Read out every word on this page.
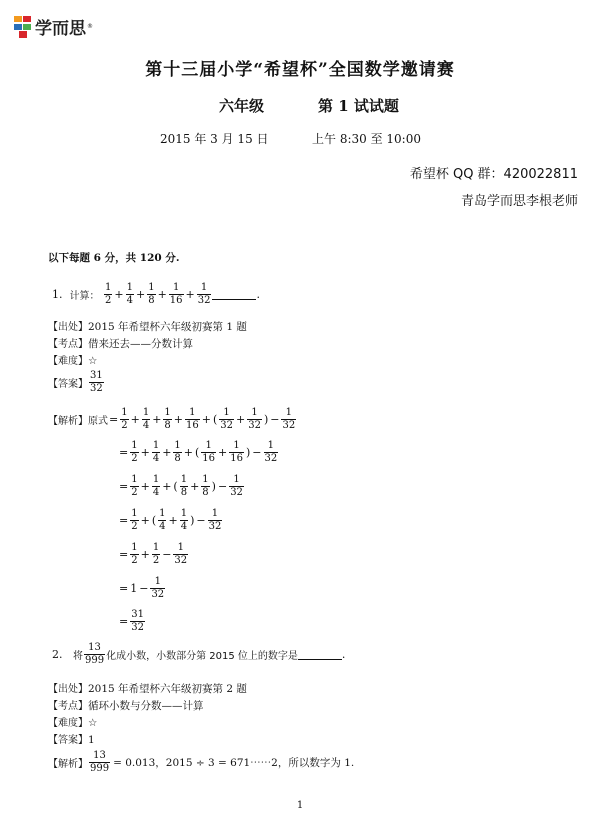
学而思 ®
第十三届小学“希望杯”全国数学邀请赛
六年级	第 1 试试题
2015 年 3 月 15 日	上午 8:30 至 10:00
希望杯 QQ 群：420022811
青岛学而思李根老师
以下每题 6 分，共 120 分.
1.
计算：
$\frac{1}{2} + \frac{1}{4} + \frac{1}{8} + \frac{1}{16} + \frac{1}{32}$	.
【出处】2015 年希望杯六年级初赛第 1 题
【考点】借来还去——分数计算
【难度】☆
【答案】 $\frac{31}{32}$
【解析】 原式 = $\frac{1}{2} + \frac{1}{4} + \frac{1}{8} + \frac{1}{16}$ + ( $\frac{1}{32} + \frac{1}{32}$ ) − $\frac{1}{32}$
= $\frac{1}{2} + \frac{1}{4} + \frac{1}{8}$ + ( $\frac{1}{16} + \frac{1}{16}$ ) − $\frac{1}{32}$
= $\frac{1}{2} + \frac{1}{4}$ + ( $\frac{1}{8} + \frac{1}{8}$ ) − $\frac{1}{32}$
= $\frac{1}{2}$ + ( $\frac{1}{4} + \frac{1}{4}$ ) − $\frac{1}{32}$
= $\frac{1}{2} + \frac{1}{2} - \frac{1}{32}$
= $1 - \frac{1}{32}$
= $\frac{31}{32}$
2.
将 $\frac{13}{999}$ 化成小数，小数部分第 2015 位上的数字是	.
【出处】2015 年希望杯六年级初赛第 2 题
【考点】循环小数与分数——计算
【难度】☆
【答案】1
【解析】 $\frac{13}{999} = 0.013$ ，2015 ÷ 3 = 671⋯⋯2，所以数字为 1.
1
